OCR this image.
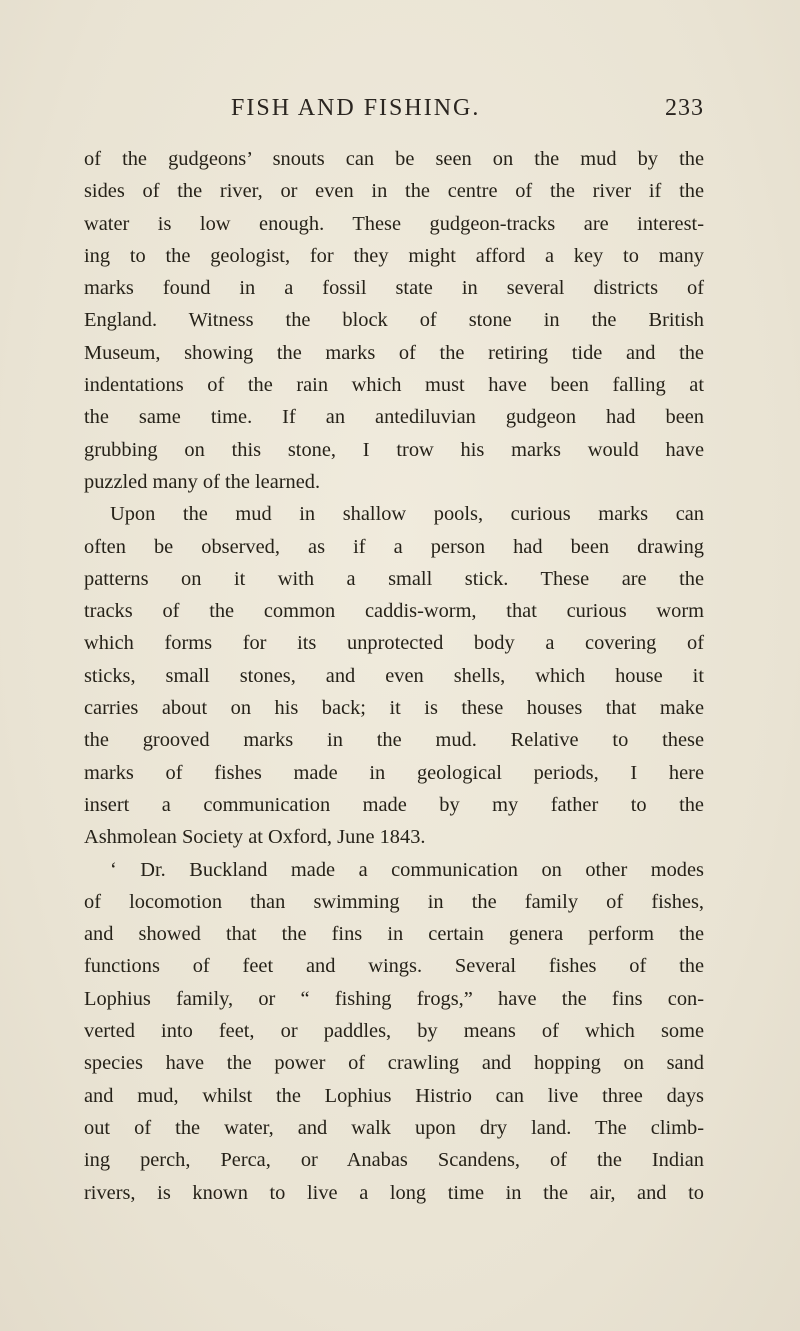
FISH AND FISHING.	233
of the gudgeons’ snouts can be seen on the mud by the
sides of the river, or even in the centre of the river if the
water is low enough. These gudgeon-tracks are interest-
ing to the geologist, for they might afford a key to many
marks found in a fossil state in several districts of
England. Witness the block of stone in the British
Museum, showing the marks of the retiring tide and the
indentations of the rain which must have been falling at
the same time. If an antediluvian gudgeon had been
grubbing on this stone, I trow his marks would have
puzzled many of the learned.
Upon the mud in shallow pools, curious marks can
often be observed, as if a person had been drawing
patterns on it with a small stick. These are the
tracks of the common caddis-worm, that curious worm
which forms for its unprotected body a covering of
sticks, small stones, and even shells, which house it
carries about on his back; it is these houses that make
the grooved marks in the mud. Relative to these
marks of fishes made in geological periods, I here
insert a communication made by my father to the
Ashmolean Society at Oxford, June 1843.
‘ Dr. Buckland made a communication on other modes
of locomotion than swimming in the family of fishes,
and showed that the fins in certain genera perform the
functions of feet and wings. Several fishes of the
Lophius family, or “ fishing frogs,” have the fins con-
verted into feet, or paddles, by means of which some
species have the power of crawling and hopping on sand
and mud, whilst the Lophius Histrio can live three days
out of the water, and walk upon dry land. The climb-
ing perch, Perca, or Anabas Scandens, of the Indian
rivers, is known to live a long time in the air, and to
